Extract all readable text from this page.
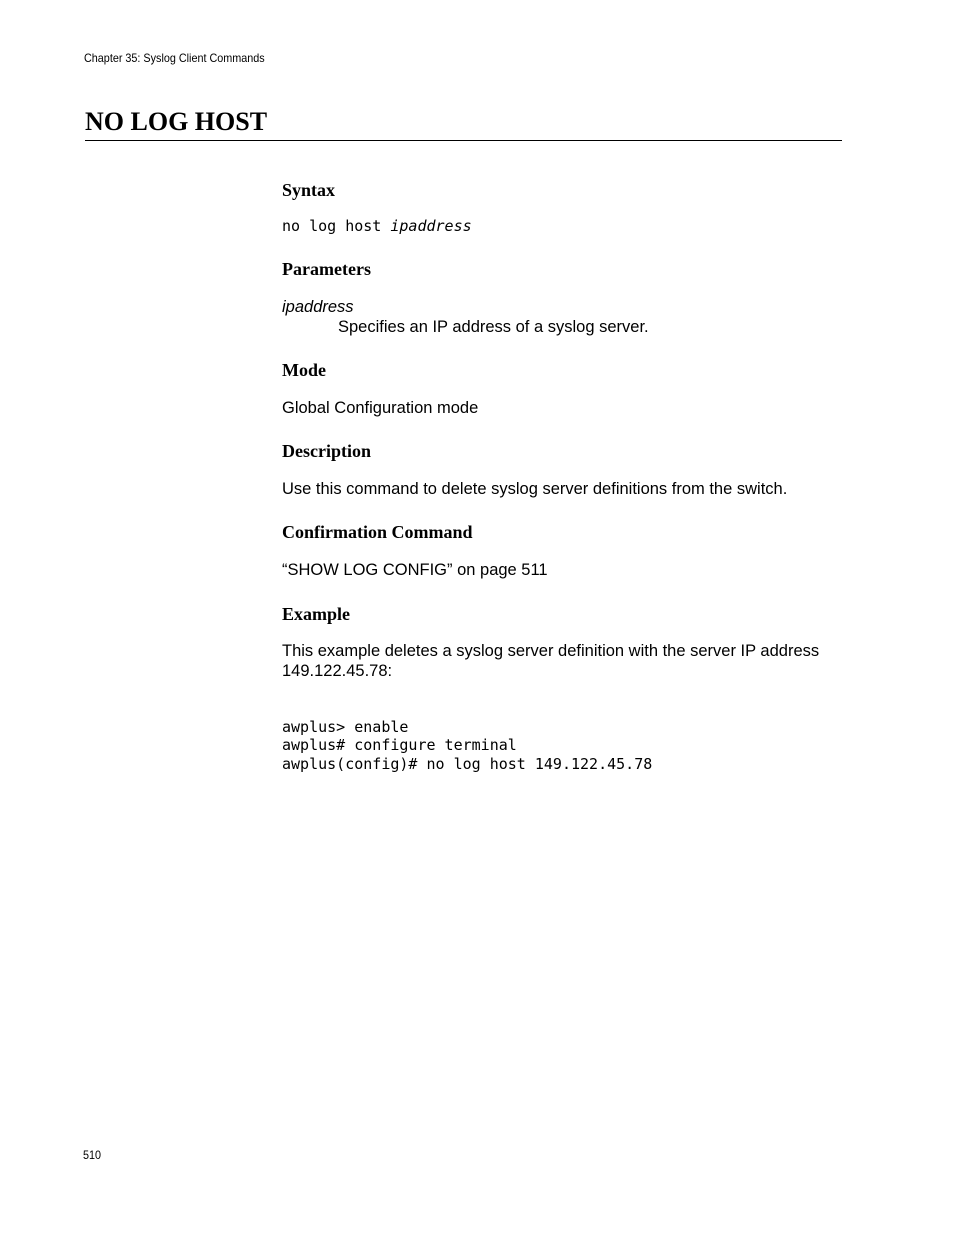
Chapter 35: Syslog Client Commands
NO LOG HOST
Syntax
no log host ipaddress
Parameters
ipaddress
Specifies an IP address of a syslog server.
Mode
Global Configuration mode
Description
Use this command to delete syslog server definitions from the switch.
Confirmation Command
“SHOW LOG CONFIG” on page 511
Example
This example deletes a syslog server definition with the server IP address
149.122.45.78:

awplus> enable
awplus# configure terminal
awplus(config)# no log host 149.122.45.78

510
